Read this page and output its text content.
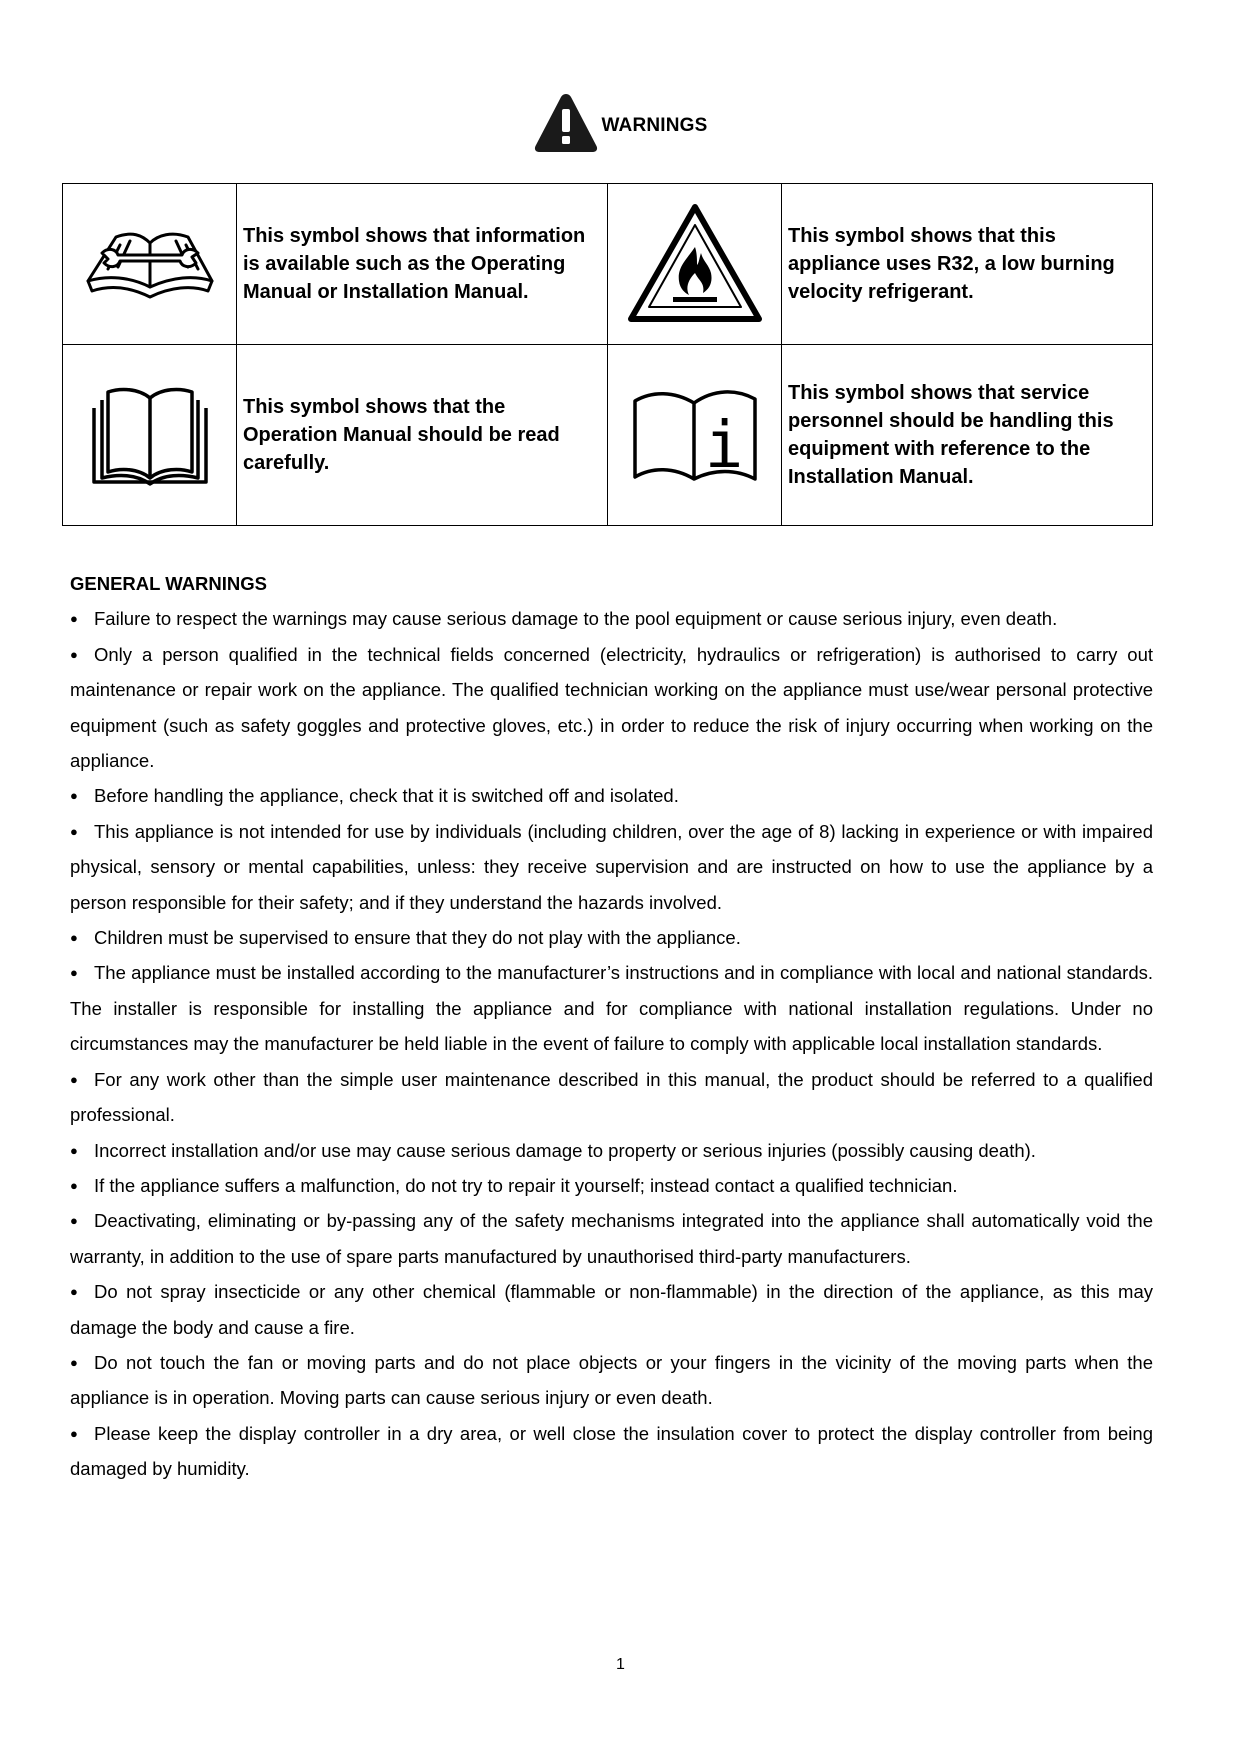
WARNINGS
	This symbol shows that information is available such as the Operating Manual or Installation Manual.		This symbol shows that this appliance uses R32, a low burning velocity refrigerant.

	This symbol shows that the Operation Manual should be read carefully.	i	This symbol shows that service personnel should be handling this equipment with reference to the Installation Manual.
GENERAL WARNINGS

● Failure to respect the warnings may cause serious damage to the pool equipment or cause serious injury, even death.

● Only a person qualified in the technical fields concerned (electricity, hydraulics or refrigeration) is authorised to carry out maintenance or repair work on the appliance. The qualified technician working on the appliance must use/wear personal protective equipment (such as safety goggles and protective gloves, etc.) in order to reduce the risk of injury occurring when working on the appliance.

● Before handling the appliance, check that it is switched off and isolated.

● This appliance is not intended for use by individuals (including children, over the age of 8) lacking in experience or with impaired physical, sensory or mental capabilities, unless: they receive supervision and are instructed on how to use the appliance by a person responsible for their safety; and if they understand the hazards involved.

● Children must be supervised to ensure that they do not play with the appliance.

● The appliance must be installed according to the manufacturer’s instructions and in compliance with local and national standards. The installer is responsible for installing the appliance and for compliance with national installation regulations. Under no circumstances may the manufacturer be held liable in the event of failure to comply with applicable local installation standards.

● For any work other than the simple user maintenance described in this manual, the product should be referred to a qualified professional.

● Incorrect installation and/or use may cause serious damage to property or serious injuries (possibly causing death).

● If the appliance suffers a malfunction, do not try to repair it yourself; instead contact a qualified technician.

● Deactivating, eliminating or by-passing any of the safety mechanisms integrated into the appliance shall automatically void the warranty, in addition to the use of spare parts manufactured by unauthorised third-party manufacturers.

● Do not spray insecticide or any other chemical (flammable or non-flammable) in the direction of the appliance, as this may damage the body and cause a fire.

● Do not touch the fan or moving parts and do not place objects or your fingers in the vicinity of the moving parts when the appliance is in operation. Moving parts can cause serious injury or even death.

● Please keep the display controller in a dry area, or well close the insulation cover to protect the display controller from being damaged by humidity.

1
